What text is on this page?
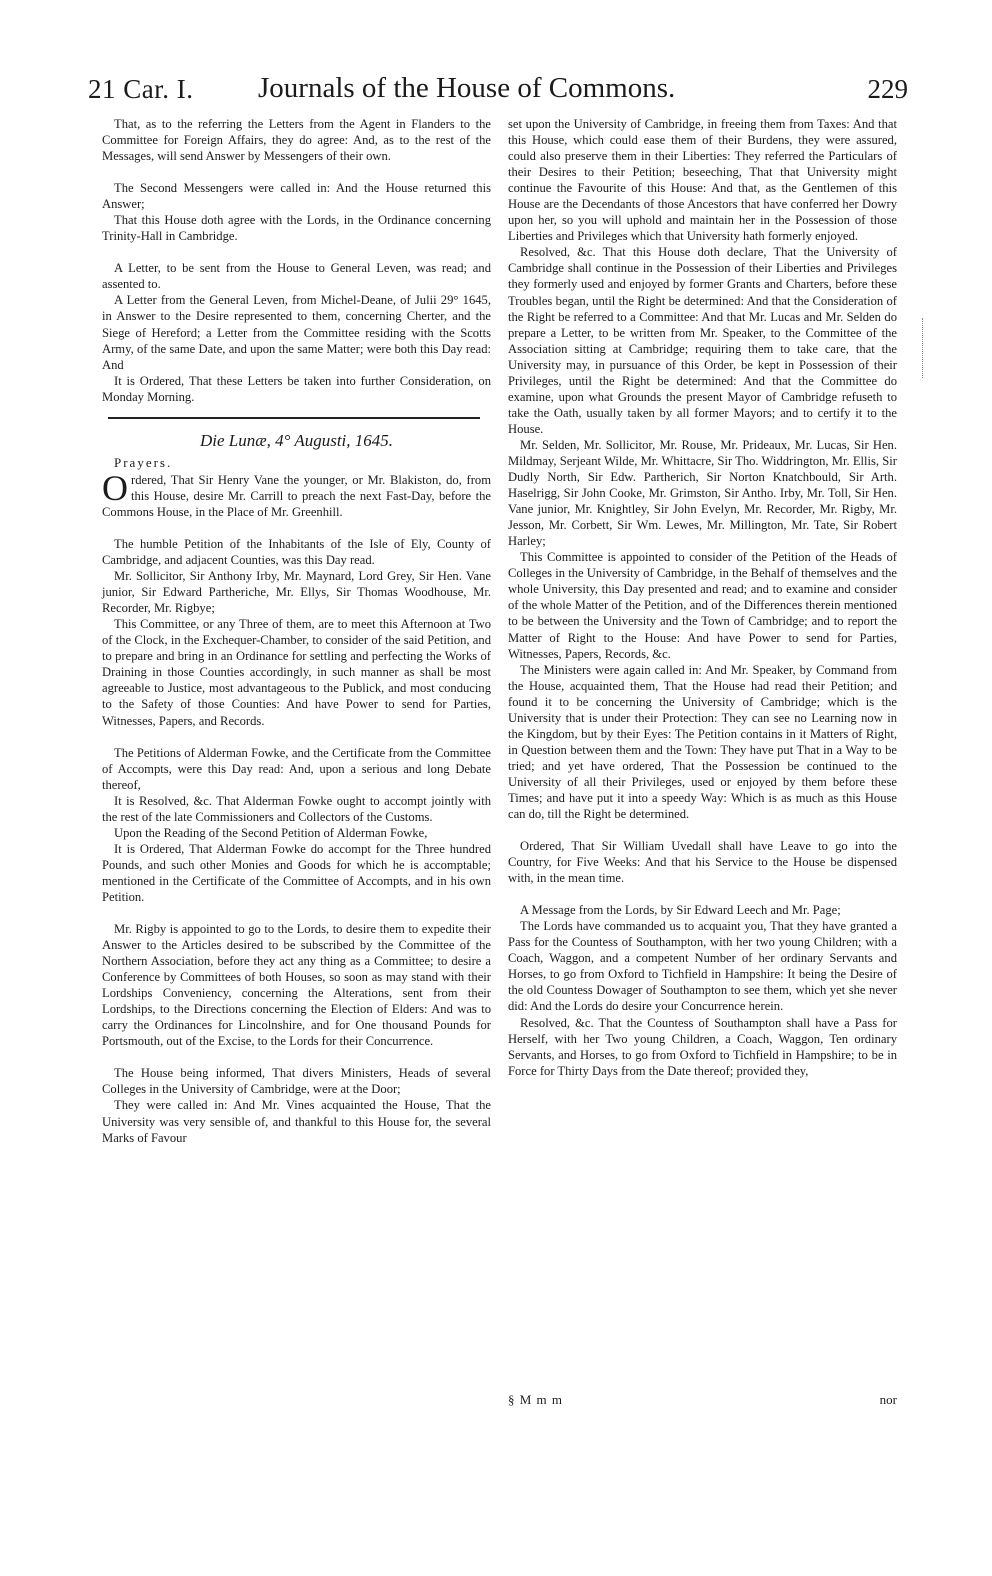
21 Car. I. Journals of the House of Commons.	229

That, as to the referring the Letters from the Agent in Flanders to the Committee for Foreign Affairs, they do agree: And, as to the rest of the Messages, will send Answer by Messengers of their own.

The Second Messengers were called in: And the House returned this Answer;

That this House doth agree with the Lords, in the Ordinance concerning Trinity-Hall in Cambridge.

A Letter, to be sent from the House to General Leven, was read; and assented to.

A Letter from the General Leven, from Michel-Deane, of Julii 29° 1645, in Answer to the Desire represented to them, concerning Cherter, and the Siege of Hereford; a Letter from the Committee residing with the Scotts Army, of the same Date, and upon the same Matter; were both this Day read: And

It is Ordered, That these Letters be taken into further Consideration, on Monday Morning.

Die Lunæ, 4° Augusti, 1645.

Prayers.

Ordered, That Sir Henry Vane the younger, or Mr. Blakiston, do, from this House, desire Mr. Carrill to preach the next Fast-Day, before the Commons House, in the Place of Mr. Greenhill.

The humble Petition of the Inhabitants of the Isle of Ely, County of Cambridge, and adjacent Counties, was this Day read.

Mr. Sollicitor, Sir Anthony Irby, Mr. Maynard, Lord Grey, Sir Hen. Vane junior, Sir Edward Partheriche, Mr. Ellys, Sir Thomas Woodhouse, Mr. Recorder, Mr. Rigbye;

This Committee, or any Three of them, are to meet this Afternoon at Two of the Clock, in the Exchequer-Chamber, to consider of the said Petition, and to prepare and bring in an Ordinance for settling and perfecting the Works of Draining in those Counties accordingly, in such manner as shall be most agreeable to Justice, most advantageous to the Publick, and most conducing to the Safety of those Counties: And have Power to send for Parties, Witnesses, Papers, and Records.

The Petitions of Alderman Fowke, and the Certificate from the Committee of Accompts, were this Day read: And, upon a serious and long Debate thereof,

It is Resolved, &c. That Alderman Fowke ought to accompt jointly with the rest of the late Commissioners and Collectors of the Customs.

Upon the Reading of the Second Petition of Alderman Fowke,

It is Ordered, That Alderman Fowke do accompt for the Three hundred Pounds, and such other Monies and Goods for which he is accomptable; mentioned in the Certificate of the Committee of Accompts, and in his own Petition.

Mr. Rigby is appointed to go to the Lords, to desire them to expedite their Answer to the Articles desired to be subscribed by the Committee of the Northern Association, before they act any thing as a Committee; to desire a Conference by Committees of both Houses, so soon as may stand with their Lordships Conveniency, concerning the Alterations, sent from their Lordships, to the Directions concerning the Election of Elders: And was to carry the Ordinances for Lincolnshire, and for One thousand Pounds for Portsmouth, out of the Excise, to the Lords for their Concurrence.

The House being informed, That divers Ministers, Heads of several Colleges in the University of Cambridge, were at the Door;

They were called in: And Mr. Vines acquainted the House, That the University was very sensible of, and thankful to this House for, the several Marks of Favour

set upon the University of Cambridge, in freeing them from Taxes: And that this House, which could ease them of their Burdens, they were assured, could also preserve them in their Liberties: They referred the Particulars of their Desires to their Petition; beseeching, That that University might continue the Favourite of this House: And that, as the Gentlemen of this House are the Decendants of those Ancestors that have conferred her Dowry upon her, so you will uphold and maintain her in the Possession of those Liberties and Privileges which that University hath formerly enjoyed.

Resolved, &c. That this House doth declare, That the University of Cambridge shall continue in the Possession of their Liberties and Privileges they formerly used and enjoyed by former Grants and Charters, before these Troubles began, until the Right be determined: And that the Consideration of the Right be referred to a Committee: And that Mr. Lucas and Mr. Selden do prepare a Letter, to be written from Mr. Speaker, to the Committee of the Association sitting at Cambridge; requiring them to take care, that the University may, in pursuance of this Order, be kept in Possession of their Privileges, until the Right be determined: And that the Committee do examine, upon what Grounds the present Mayor of Cambridge refuseth to take the Oath, usually taken by all former Mayors; and to certify it to the House.

Mr. Selden, Mr. Sollicitor, Mr. Rouse, Mr. Prideaux, Mr. Lucas, Sir Hen. Mildmay, Serjeant Wilde, Mr. Whittacre, Sir Tho. Widdrington, Mr. Ellis, Sir Dudly North, Sir Edw. Partherich, Sir Norton Knatchbould, Sir Arth. Haselrigg, Sir John Cooke, Mr. Grimston, Sir Antho. Irby, Mr. Toll, Sir Hen. Vane junior, Mr. Knightley, Sir John Evelyn, Mr. Recorder, Mr. Rigby, Mr. Jesson, Mr. Corbett, Sir Wm. Lewes, Mr. Millington, Mr. Tate, Sir Robert Harley;

This Committee is appointed to consider of the Petition of the Heads of Colleges in the University of Cambridge, in the Behalf of themselves and the whole University, this Day presented and read; and to examine and consider of the whole Matter of the Petition, and of the Differences therein mentioned to be between the University and the Town of Cambridge; and to report the Matter of Right to the House: And have Power to send for Parties, Witnesses, Papers, Records, &c.

The Ministers were again called in: And Mr. Speaker, by Command from the House, acquainted them, That the House had read their Petition; and found it to be concerning the University of Cambridge; which is the University that is under their Protection: They can see no Learning now in the Kingdom, but by their Eyes: The Petition contains in it Matters of Right, in Question between them and the Town: They have put That in a Way to be tried; and yet have ordered, That the Possession be continued to the University of all their Privileges, used or enjoyed by them before these Times; and have put it into a speedy Way: Which is as much as this House can do, till the Right be determined.

Ordered, That Sir William Uvedall shall have Leave to go into the Country, for Five Weeks: And that his Service to the House be dispensed with, in the mean time.

A Message from the Lords, by Sir Edward Leech and Mr. Page;

The Lords have commanded us to acquaint you, That they have granted a Pass for the Countess of Southampton, with her two young Children; with a Coach, Waggon, and a competent Number of her ordinary Servants and Horses, to go from Oxford to Tichfield in Hampshire: It being the Desire of the old Countess Dowager of Southampton to see them, which yet she never did: And the Lords do desire your Concurrence herein.

Resolved, &c. That the Countess of Southampton shall have a Pass for Herself, with her Two young Children, a Coach, Waggon, Ten ordinary Servants, and Horses, to go from Oxford to Tichfield in Hampshire; to be in Force for Thirty Days from the Date thereof; provided they,

§ M m m	nor
